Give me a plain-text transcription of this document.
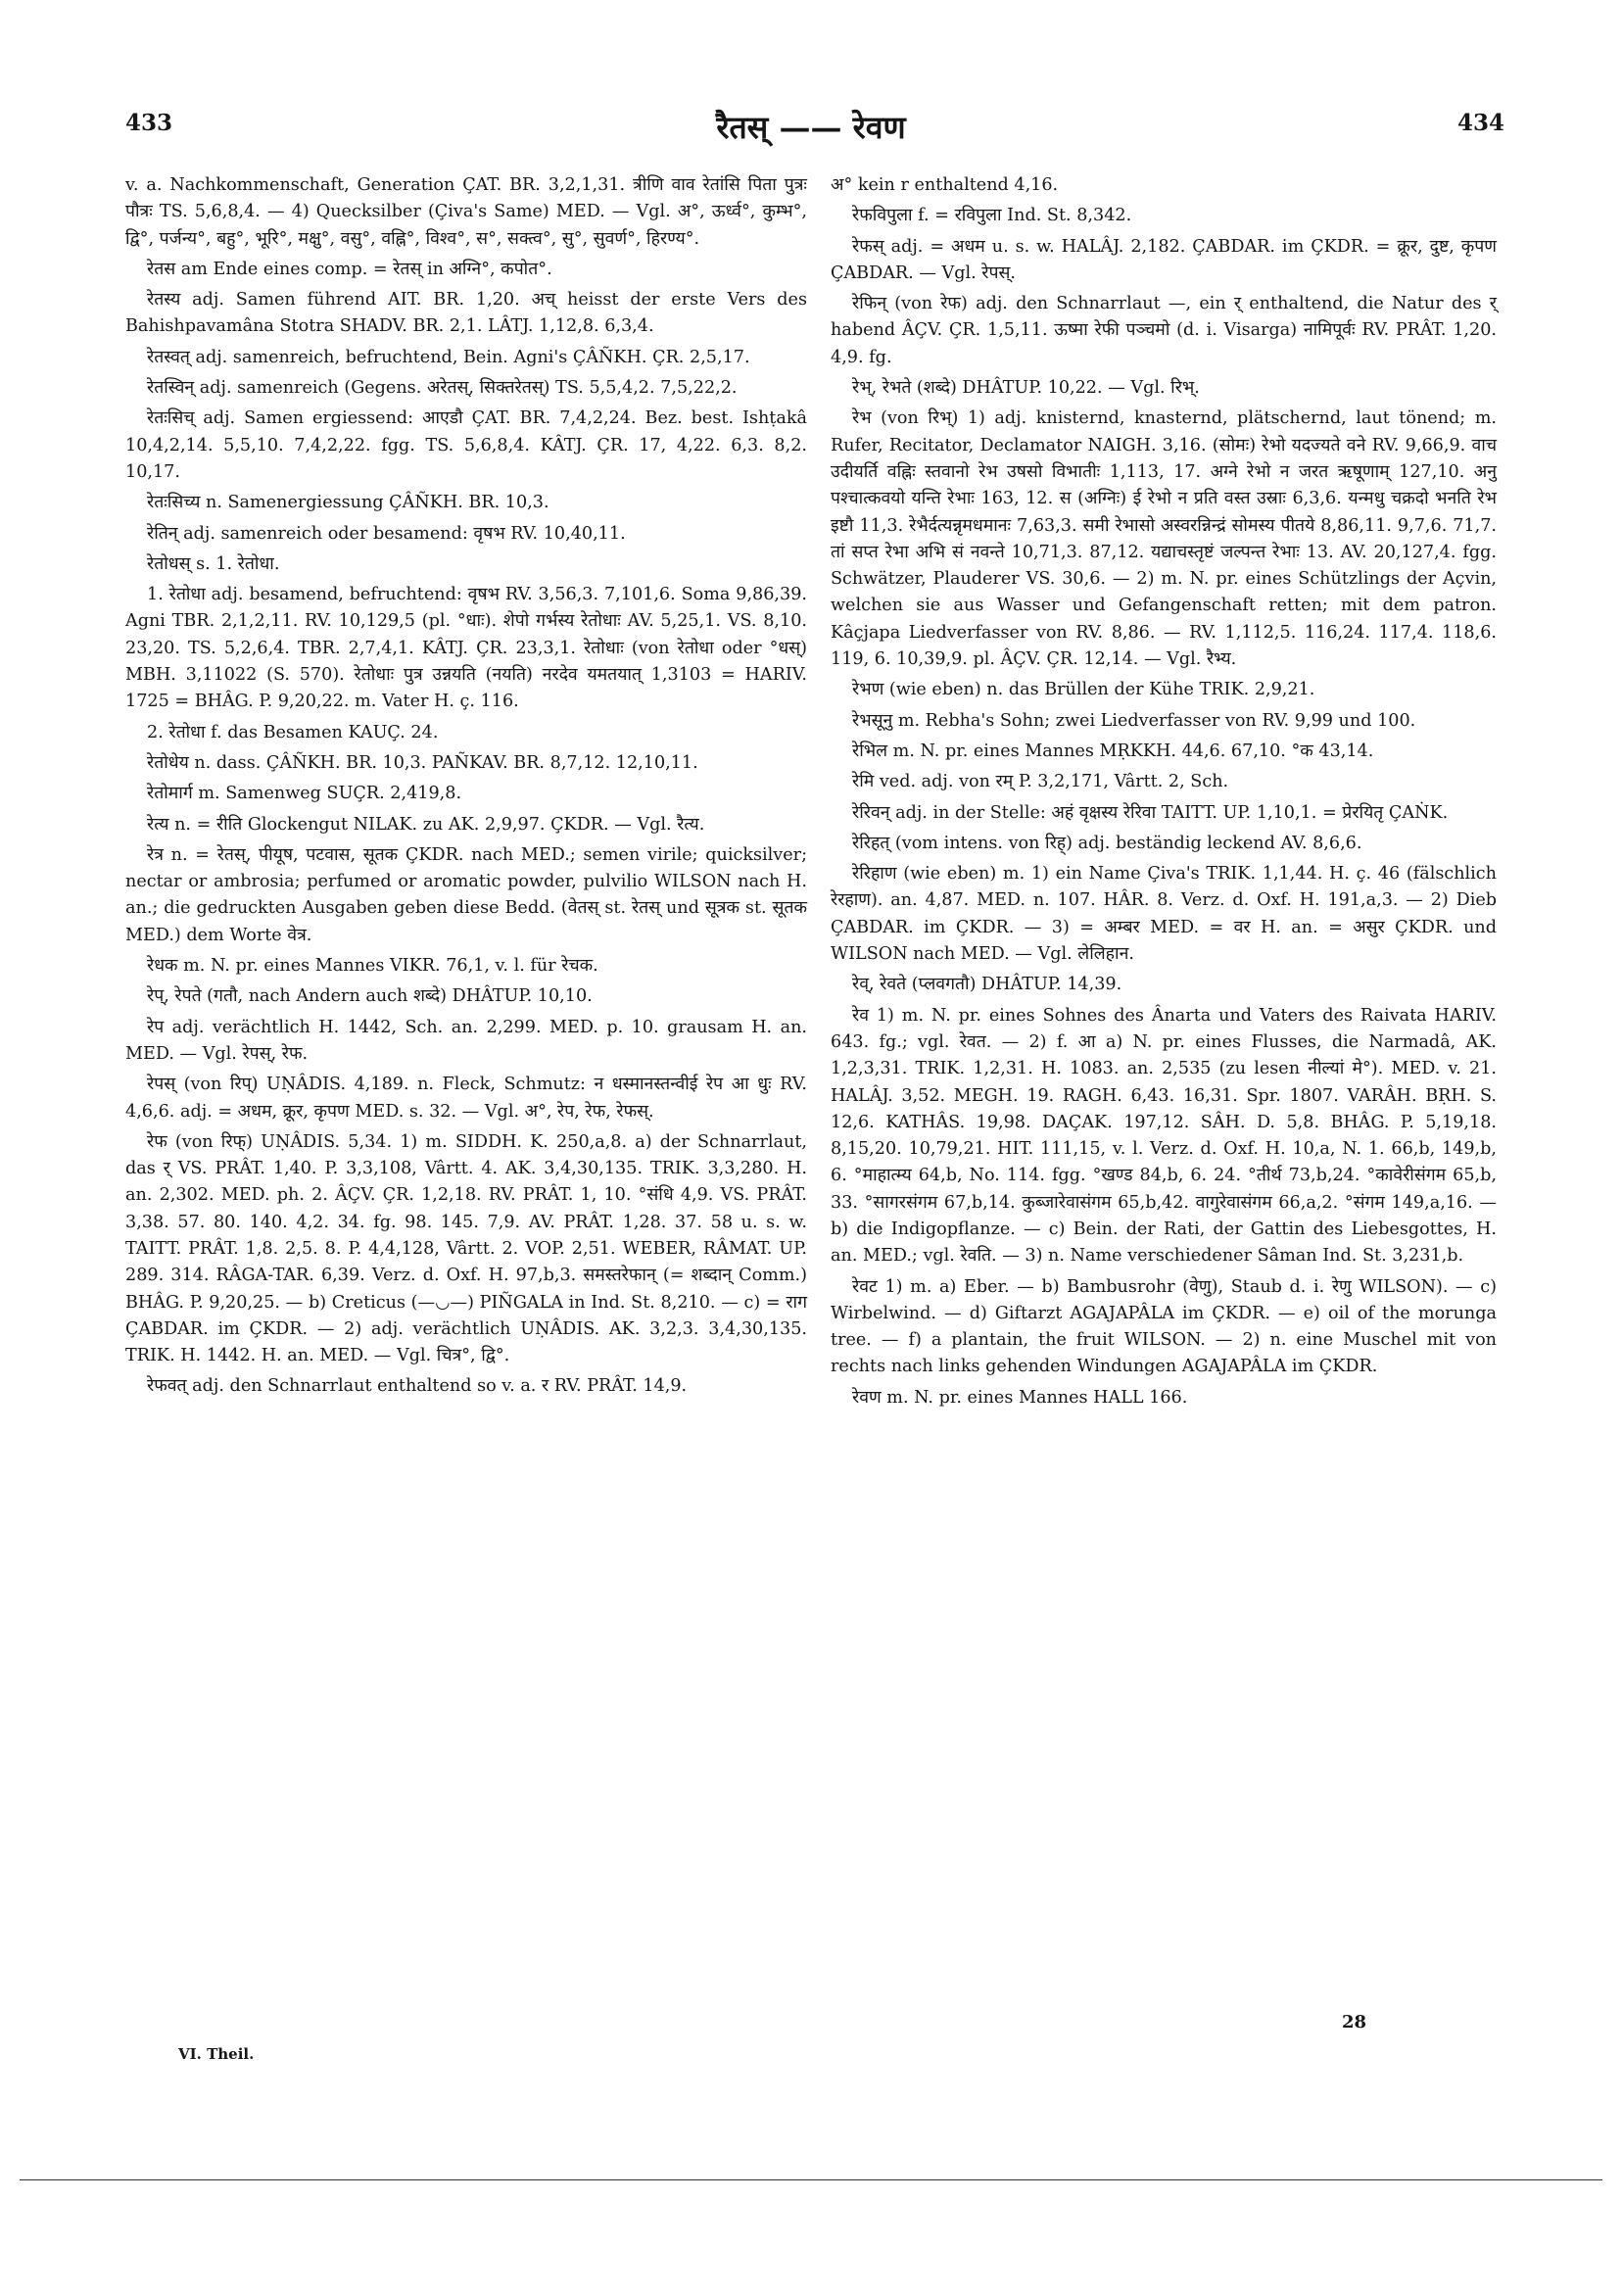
433	रैतस् —— रेवण	434

v. a. Nachkommenschaft, Generation ÇAT. BR. 3,2,1,31. त्रीणि वाव रेतांसि पिता पुत्रः पौत्रः TS. 5,6,8,4. — 4) Quecksilber (Çiva's Same) MED. — Vgl. अ°, ऊर्ध्व°, कुम्भ°, द्वि°, पर्जन्य°, बहु°, भूरि°, मक्षु°, वसु°, वह्नि°, विश्व°, स°, सक्त्व°, सु°, सुवर्ण°, हिरण्य°.

रेतस am Ende eines comp. = रेतस् in अग्नि°, कपोत°.

रेतस्य adj. Samen führend AIT. BR. 1,20. अच् heisst der erste Vers des Bahishpavamâna Stotra SHADV. BR. 2,1. LÂTJ. 1,12,8. 6,3,4.

रेतस्वत् adj. samenreich, befruchtend, Bein. Agni's ÇÂÑKH. ÇR. 2,5,17.

रेतस्विन् adj. samenreich (Gegens. अरेतस्, सिक्तरेतस्) TS. 5,5,4,2. 7,5,22,2.

रेतःसिच् adj. Samen ergiessend: आएडौ ÇAT. BR. 7,4,2,24. Bez. best. Ishṭakâ 10,4,2,14. 5,5,10. 7,4,2,22. fgg. TS. 5,6,8,4. KÂTJ. ÇR. 17, 4,22. 6,3. 8,2. 10,17.

रेतःसिच्य n. Samenergiessung ÇÂÑKH. BR. 10,3.

रेतिन् adj. samenreich oder besamend: वृषभ RV. 10,40,11.

रेतोधस् s. 1. रेतोधा.

1. रेतोधा adj. besamend, befruchtend: वृषभ RV. 3,56,3. 7,101,6. Soma 9,86,39. Agni TBR. 2,1,2,11. RV. 10,129,5 (pl. °धाः). शेपो गर्भस्य रेतोधाः AV. 5,25,1. VS. 8,10. 23,20. TS. 5,2,6,4. TBR. 2,7,4,1. KÂTJ. ÇR. 23,3,1. रेतोधाः (von रेतोधा oder °धस्) MBH. 3,11022 (S. 570). रेतोधाः पुत्र उन्नयति (नयति) नरदेव यमतयात् 1,3103 = HARIV. 1725 = BHÂG. P. 9,20,22. m. Vater H. ç. 116.

2. रेतोधा f. das Besamen KAUÇ. 24.

रेतोधेय n. dass. ÇÂÑKH. BR. 10,3. PAÑKAV. BR. 8,7,12. 12,10,11.

रेतोमार्ग m. Samenweg SUÇR. 2,419,8.

रेत्य n. = रीति Glockengut NILAK. zu AK. 2,9,97. ÇKDR. — Vgl. रैत्य.

रेत्र n. = रेतस्, पीयूष, पटवास, सूतक ÇKDR. nach MED.; semen virile; quicksilver; nectar or ambrosia; perfumed or aromatic powder, pulvilio WILSON nach H. an.; die gedruckten Ausgaben geben diese Bedd. (वेतस् st. रेतस् und सूत्रक st. सूतक MED.) dem Worte वेत्र.

रेधक m. N. pr. eines Mannes VIKR. 76,1, v. l. für रेचक.

रेप्, रेपते (गतौ, nach Andern auch शब्दे) DHÂTUP. 10,10.

रेप adj. verächtlich H. 1442, Sch. an. 2,299. MED. p. 10. grausam H. an. MED. — Vgl. रेपस्, रेफ.

रेपस् (von रिप्) UṆÂDIS. 4,189. n. Fleck, Schmutz: न धस्मानस्तन्वीई रेप आ धुः RV. 4,6,6. adj. = अधम, क्रूर, कृपण MED. s. 32. — Vgl. अ°, रेप, रेफ, रेफस्.

रेफ (von रिफ्) UṆÂDIS. 5,34. 1) m. SIDDH. K. 250,a,8. a) der Schnarrlaut, das र् VS. PRÂT. 1,40. P. 3,3,108, Vârtt. 4. AK. 3,4,30,135. TRIK. 3,3,280. H. an. 2,302. MED. ph. 2. ÂÇV. ÇR. 1,2,18. RV. PRÂT. 1, 10. °संधि 4,9. VS. PRÂT. 3,38. 57. 80. 140. 4,2. 34. fg. 98. 145. 7,9. AV. PRÂT. 1,28. 37. 58 u. s. w. TAITT. PRÂT. 1,8. 2,5. 8. P. 4,4,128, Vârtt. 2. VOP. 2,51. WEBER, RÂMAT. UP. 289. 314. RÂGA-TAR. 6,39. Verz. d. Oxf. H. 97,b,3. समस्तरेफान् (= शब्दान् Comm.) BHÂG. P. 9,20,25. — b) Creticus (—◡—) PIÑGALA in Ind. St. 8,210. — c) = राग ÇABDAR. im ÇKDR. — 2) adj. verächtlich UṆÂDIS. AK. 3,2,3. 3,4,30,135. TRIK. H. 1442. H. an. MED. — Vgl. चित्र°, द्वि°.

रेफवत् adj. den Schnarrlaut enthaltend so v. a. र RV. PRÂT. 14,9.

VI. Theil.

अ° kein r enthaltend 4,16.

रेफविपुला f. = रविपुला Ind. St. 8,342.

रेफस् adj. = अधम u. s. w. HALÂJ. 2,182. ÇABDAR. im ÇKDR. = क्रूर, दुष्ट, कृपण ÇABDAR. — Vgl. रेपस्.

रेफिन् (von रेफ) adj. den Schnarrlaut —, ein र् enthaltend, die Natur des र् habend ÂÇV. ÇR. 1,5,11. ऊष्मा रेफी पञ्चमो (d. i. Visarga) नामिपूर्वः RV. PRÂT. 1,20. 4,9. fg.

रेभ्, रेभते (शब्दे) DHÂTUP. 10,22. — Vgl. रिभ्.

रेभ (von रिभ्) 1) adj. knisternd, knasternd, plätschernd, laut tönend; m. Rufer, Recitator, Declamator NAIGH. 3,16. (सोमः) रेभो यदज्यते वने RV. 9,66,9. वाच उदीयर्ति वह्निः स्तवानो रेभ उषसो विभातीः 1,113, 17. अग्ने रेभो न जरत ऋषूणाम् 127,10. अनु पश्चात्कवयो यन्ति रेभाः 163, 12. स (अग्निः) ई रेभो न प्रति वस्त उस्राः 6,3,6. यन्मधु चक्रदो भनति रेभ इष्टौ 11,3. रेभैर्दत्यन्नृमधमानः 7,63,3. समी रेभासो अस्वरन्निन्द्रं सोमस्य पीतये 8,86,11. 9,7,6. 71,7. तां सप्त रेभा अभि सं नवन्ते 10,71,3. 87,12. यद्याचस्तृष्टं जल्पन्त रेभाः 13. AV. 20,127,4. fgg. Schwätzer, Plauderer VS. 30,6. — 2) m. N. pr. eines Schützlings der Açvin, welchen sie aus Wasser und Gefangenschaft retten; mit dem patron. Kâçjapa Liedverfasser von RV. 8,86. — RV. 1,112,5. 116,24. 117,4. 118,6. 119, 6. 10,39,9. pl. ÂÇV. ÇR. 12,14. — Vgl. रैभ्य.

रेभण (wie eben) n. das Brüllen der Kühe TRIK. 2,9,21.

रेभसूनु m. Rebha's Sohn; zwei Liedverfasser von RV. 9,99 und 100.

रेभिल m. N. pr. eines Mannes MṚKKH. 44,6. 67,10. °क 43,14.

रेमि ved. adj. von रम् P. 3,2,171, Vârtt. 2, Sch.

रेरिवन् adj. in der Stelle: अहं वृक्षस्य रेरिवा TAITT. UP. 1,10,1. = प्रेरयितृ ÇAṄK.

रेरिहत् (vom intens. von रिह्) adj. beständig leckend AV. 8,6,6.

रेरिहाण (wie eben) m. 1) ein Name Çiva's TRIK. 1,1,44. H. ç. 46 (fälschlich रेरहाण). an. 4,87. MED. n. 107. HÂR. 8. Verz. d. Oxf. H. 191,a,3. — 2) Dieb ÇABDAR. im ÇKDR. — 3) = अम्बर MED. = वर H. an. = असुर ÇKDR. und WILSON nach MED. — Vgl. लेलिहान.

रेव्, रेवते (प्लवगतौ) DHÂTUP. 14,39.

रेव 1) m. N. pr. eines Sohnes des Ânarta und Vaters des Raivata HARIV. 643. fg.; vgl. रेवत. — 2) f. आ a) N. pr. eines Flusses, die Narmadâ, AK. 1,2,3,31. TRIK. 1,2,31. H. 1083. an. 2,535 (zu lesen नील्यां मे°). MED. v. 21. HALÂJ. 3,52. MEGH. 19. RAGH. 6,43. 16,31. Spr. 1807. VARÂH. BṚH. S. 12,6. KATHÂS. 19,98. DAÇAK. 197,12. SÂH. D. 5,8. BHÂG. P. 5,19,18. 8,15,20. 10,79,21. HIT. 111,15, v. l. Verz. d. Oxf. H. 10,a, N. 1. 66,b, 149,b, 6. °माहात्म्य 64,b, No. 114. fgg. °खण्ड 84,b, 6. 24. °तीर्थ 73,b,24. °कावेरीसंगम 65,b, 33. °सागरसंगम 67,b,14. कुब्जारेवासंगम 65,b,42. वागुरेवासंगम 66,a,2. °संगम 149,a,16. — b) die Indigopflanze. — c) Bein. der Rati, der Gattin des Liebesgottes, H. an. MED.; vgl. रेवति. — 3) n. Name verschiedener Sâman Ind. St. 3,231,b.

रेवट 1) m. a) Eber. — b) Bambusrohr (वेणु), Staub d. i. रेणु WILSON). — c) Wirbelwind. — d) Giftarzt AGAJAPÂLA im ÇKDR. — e) oil of the morunga tree. — f) a plantain, the fruit WILSON. — 2) n. eine Muschel mit von rechts nach links gehenden Windungen AGAJAPÂLA im ÇKDR.

रेवण m. N. pr. eines Mannes HALL 166.

28
